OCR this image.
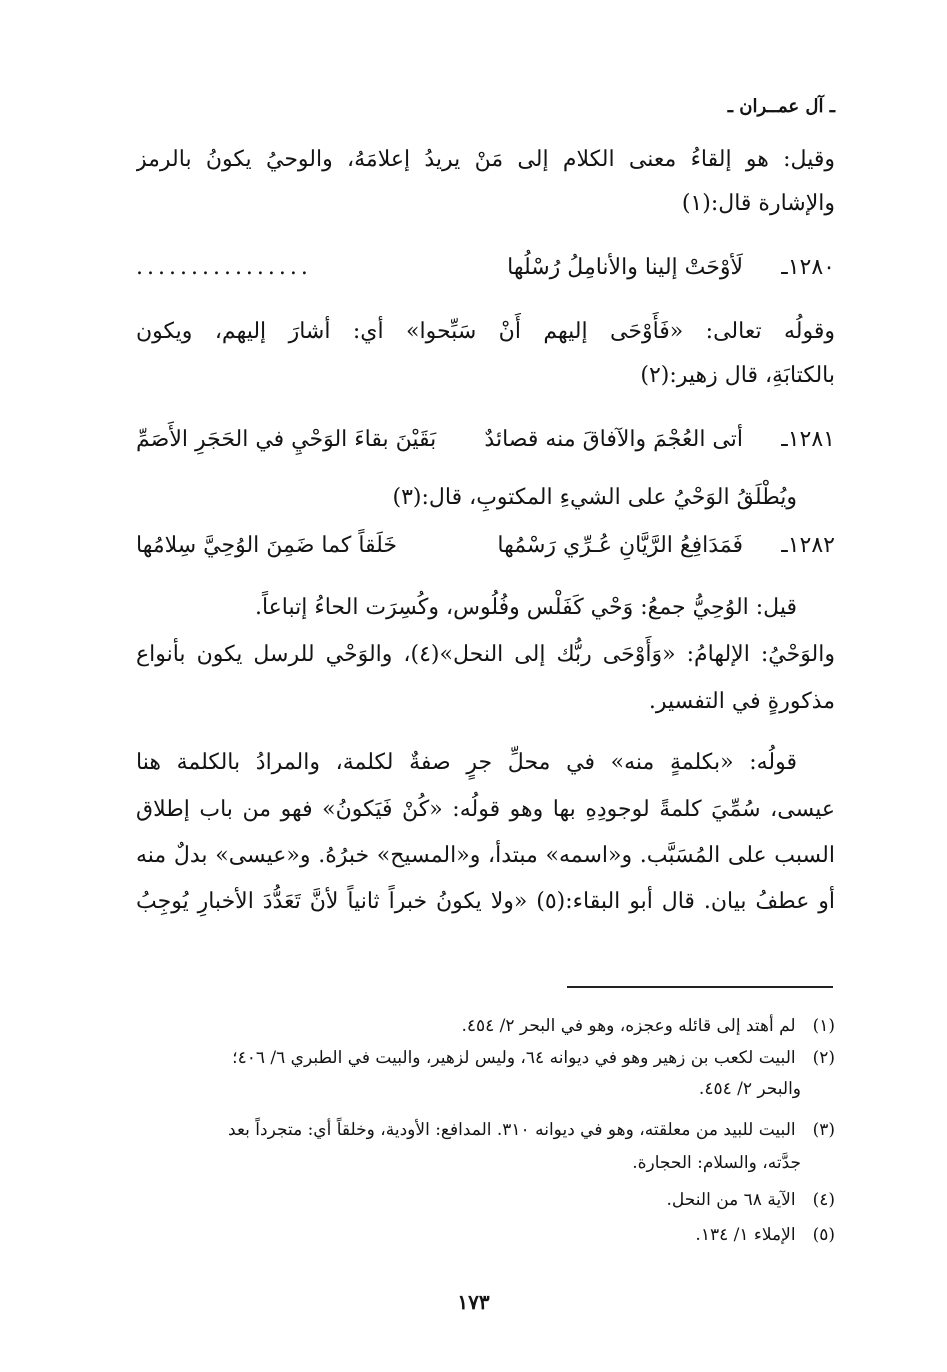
ـ آل عمــران ـ
وقيل: هو إلقاءُ معنى الكلام إلى مَنْ يريدُ إعلامَهُ، والوحيُ يكونُ بالرمز
والإشارة قال:(١)
١٢٨٠ـ
لَأوْحَتْ إلينا والأنامِلُ رُسْلُها
................
وقولُه تعالى: «فَأَوْحَى إليهم أَنْ سَبِّحوا» أي: أشارَ إليهم، ويكون
بالكتابَةِ، قال زهير:(٢)
١٢٨١ـ
أتى العُجْمَ والآفاقَ منه قصائدٌ
بَقَيْنَ بقاءَ الوَحْيِ في الحَجَرِ الأَصَمِّ
ويُطْلَقُ الوَحْيُ على الشيءِ المكتوبِ، قال:(٣)
١٢٨٢ـ
فَمَدَافِعُ الرَّيَّانِ عُـرِّي رَسْمُها
خَلَقاً كما ضَمِنَ الوُحِيَّ سِلامُها
قيل: الوُحِيُّ جمعُ: وَحْي كَفَلْس وفُلُوس، وكُسِرَت الحاءُ إتباعاً.
والوَحْيُ: الإلهامُ: «وَأَوْحَى ربُّك إلى النحل»(٤)، والوَحْي للرسل يكون بأنواع
مذكورةٍ في التفسير.
قولُه: «بكلمةٍ منه» في محلِّ جرٍ صفةٌ لكلمة، والمرادُ بالكلمة هنا
عيسى، سُمِّيَ كلمةً لوجودِهِ بها وهو قولُه: «كُنْ فَيَكونُ» فهو من باب إطلاق
السبب على المُسَبَّب. و«اسمه» مبتدأ، و«المسيح» خبرُهُ. و«عيسى» بدلٌ منه
أو عطفُ بيان. قال أبو البقاء:(٥) «ولا يكونُ خبراً ثانياً لأنَّ تَعَدُّدَ الأخبارِ يُوجِبُ
(١) لم أهتد إلى قائله وعجزه، وهو في البحر ٢/ ٤٥٤.
(٢) البيت لكعب بن زهير وهو في ديوانه ٦٤، وليس لزهير، والبيت في الطبري ٦/ ٤٠٦؛
والبحر ٢/ ٤٥٤.
(٣) البيت للبيد من معلقته، وهو في ديوانه ٣١٠. المدافع: الأودية، وخلقاً أي: متجرداً بعد
جدَّته، والسلام: الحجارة.
(٤) الآية ٦٨ من النحل.
(٥) الإملاء ١/ ١٣٤.
١٧٣
